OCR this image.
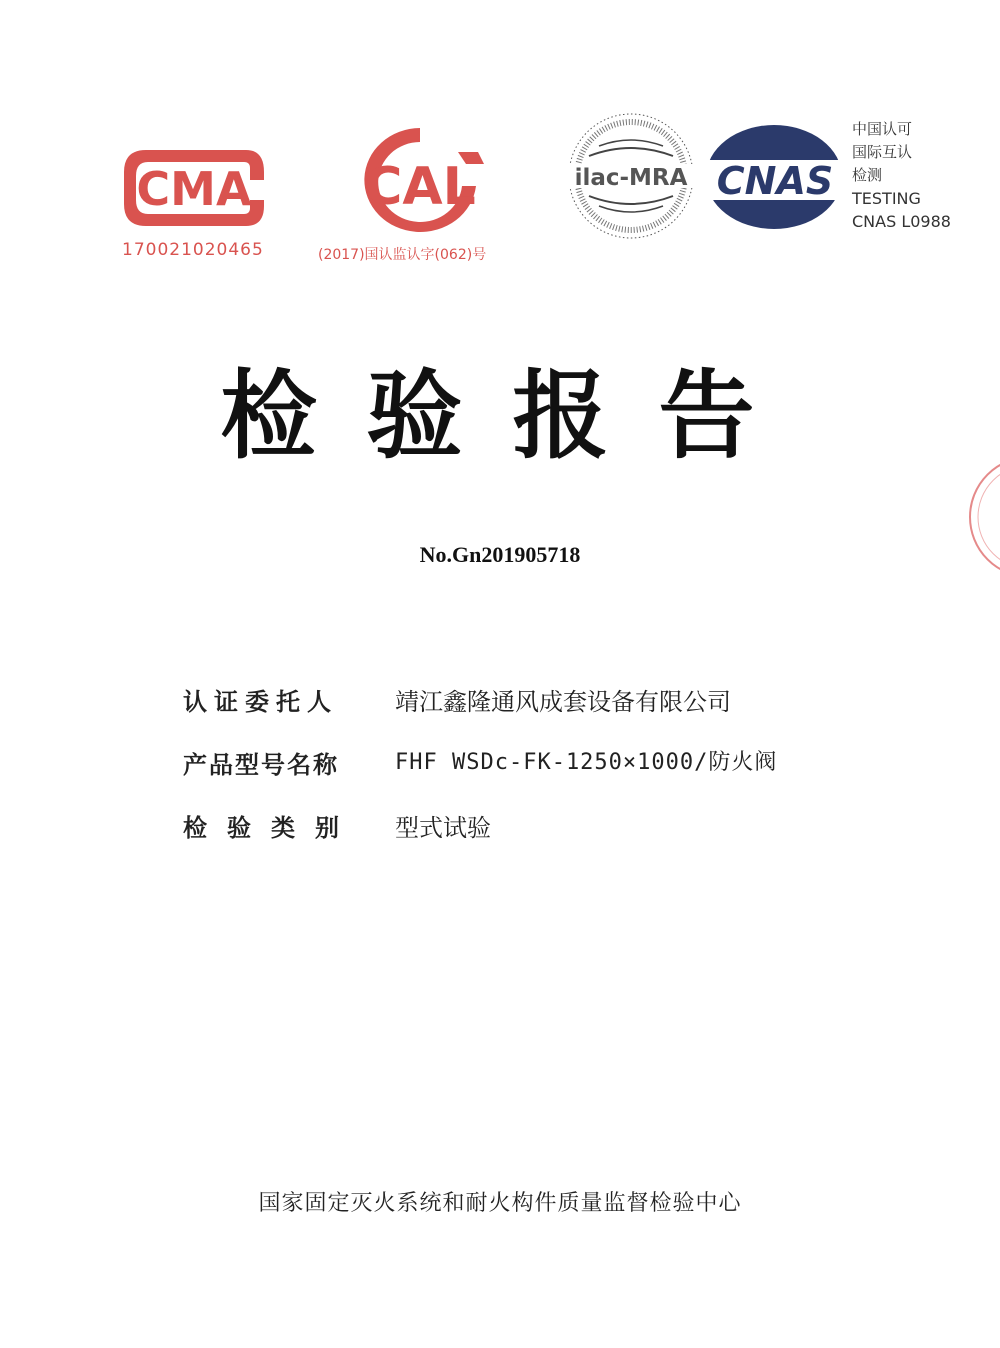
CMA
170021020465
CAL
(2017)国认监认字(062)号
ilac-MRA CNAS
中国认可
国际互认
检测
TESTING
CNAS L0988
检验报告
No.Gn201905718
认证委托人	靖江鑫隆通风成套设备有限公司
产品型号名称	FHF WSDc-FK-1250×1000/防火阀
检验类别 型式试验
国家固定灭火系统和耐火构件质量监督检验中心
